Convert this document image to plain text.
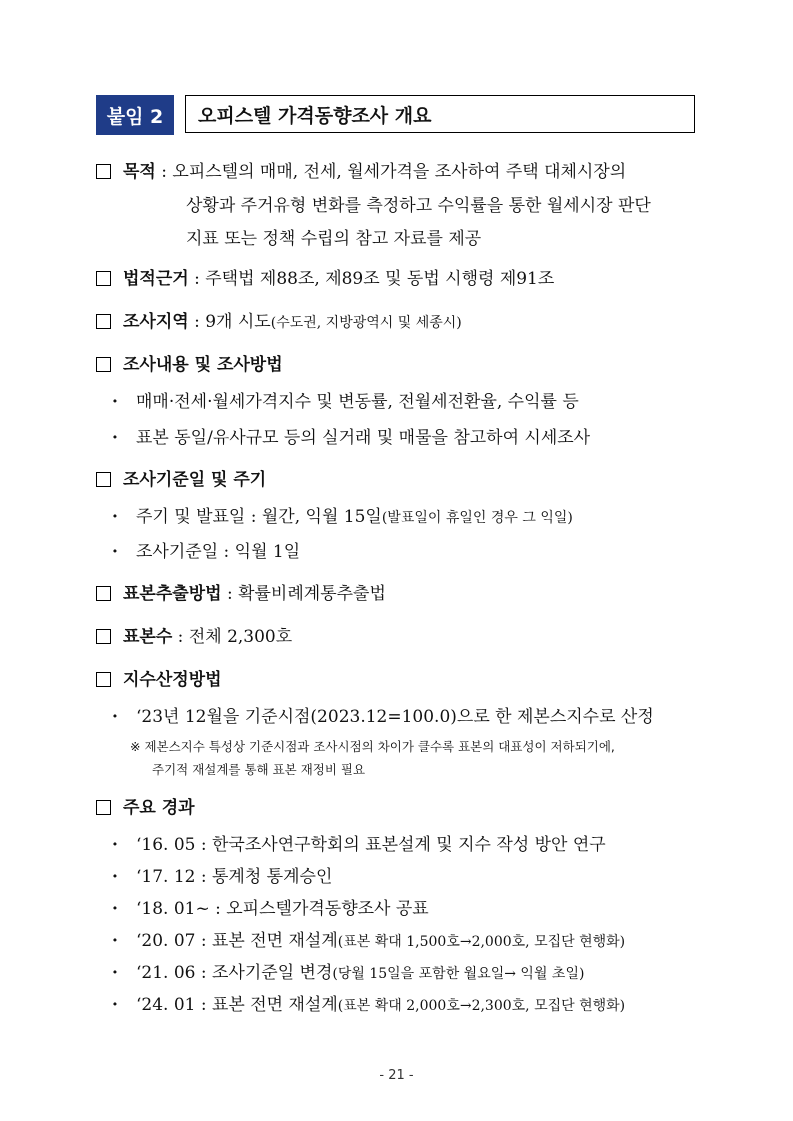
붙임 2	오피스텔 가격동향조사 개요
목적 : 오피스텔의 매매, 전세, 월세가격을 조사하여 주택 대체시장의
상황과 주거유형 변화를 측정하고 수익률을 통한 월세시장 판단
지표 또는 정책 수립의 참고 자료를 제공
법적근거 : 주택법 제88조, 제89조 및 동법 시행령 제91조
조사지역 : 9개 시도(수도권, 지방광역시 및 세종시)
조사내용 및 조사방법
· 매매·전세·월세가격지수 및 변동률, 전월세전환율, 수익률 등
· 표본 동일/유사규모 등의 실거래 및 매물을 참고하여 시세조사
조사기준일 및 주기
· 주기 및 발표일 : 월간, 익월 15일(발표일이 휴일인 경우 그 익일)
· 조사기준일 : 익월 1일
표본추출방법 : 확률비례계통추출법
표본수 : 전체 2,300호
지수산정방법
· ‘23년 12월을 기준시점(2023.12=100.0)으로 한 제본스지수로 산정
※ 제본스지수 특성상 기준시점과 조사시점의 차이가 클수록 표본의 대표성이 저하되기에,
주기적 재설계를 통해 표본 재정비 필요
주요 경과
· ‘16. 05 : 한국조사연구학회의 표본설계 및 지수 작성 방안 연구
· ‘17. 12 : 통계청 통계승인
· ‘18. 01~ : 오피스텔가격동향조사 공표
· ‘20. 07 : 표본 전면 재설계(표본 확대 1,500호→2,000호, 모집단 현행화)
· ‘21. 06 : 조사기준일 변경(당월 15일을 포함한 월요일→ 익월 초일)
· ‘24. 01 : 표본 전면 재설계(표본 확대 2,000호→2,300호, 모집단 현행화)
- 21 -
